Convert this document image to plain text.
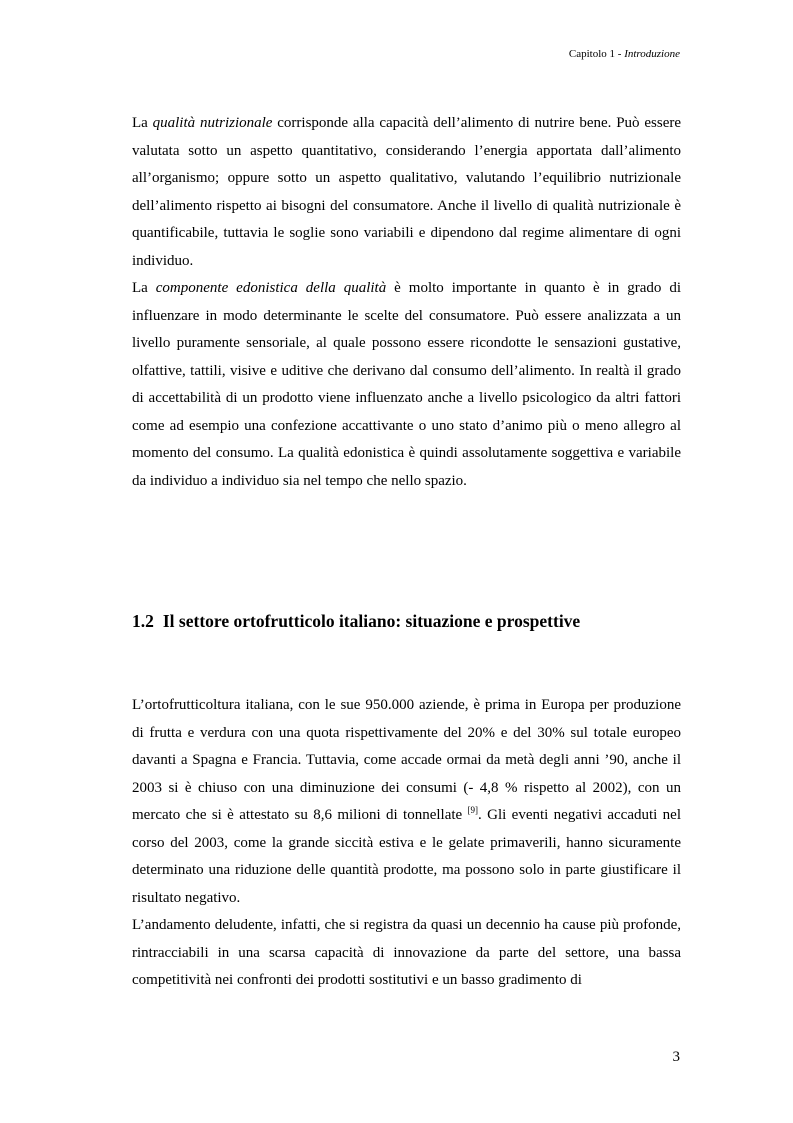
Capitolo 1 - Introduzione

La qualità nutrizionale corrisponde alla capacità dell’alimento di nutrire bene. Può essere valutata sotto un aspetto quantitativo, considerando l’energia apportata dall’alimento all’organismo; oppure sotto un aspetto qualitativo, valutando l’equilibrio nutrizionale dell’alimento rispetto ai bisogni del consumatore. Anche il livello di qualità nutrizionale è quantificabile, tuttavia le soglie sono variabili e dipendono dal regime alimentare di ogni individuo.

La componente edonistica della qualità è molto importante in quanto è in grado di influenzare in modo determinante le scelte del consumatore. Può essere analizzata a un livello puramente sensoriale, al quale possono essere ricondotte le sensazioni gustative, olfattive, tattili, visive e uditive che derivano dal consumo dell’alimento. In realtà il grado di accettabilità di un prodotto viene influenzato anche a livello psicologico da altri fattori come ad esempio una confezione accattivante o uno stato d’animo più o meno allegro al momento del consumo. La qualità edonistica è quindi assolutamente soggettiva e variabile da individuo a individuo sia nel tempo che nello spazio.

1.2 Il settore ortofrutticolo italiano: situazione e prospettive

L’ortofrutticoltura italiana, con le sue 950.000 aziende, è prima in Europa per produzione di frutta e verdura con una quota rispettivamente del 20% e del 30% sul totale europeo davanti a Spagna e Francia. Tuttavia, come accade ormai da metà degli anni ’90, anche il 2003 si è chiuso con una diminuzione dei consumi (- 4,8 % rispetto al 2002), con un mercato che si è attestato su 8,6 milioni di tonnellate [9]. Gli eventi negativi accaduti nel corso del 2003, come la grande siccità estiva e le gelate primaverili, hanno sicuramente determinato una riduzione delle quantità prodotte, ma possono solo in parte giustificare il risultato negativo.

L’andamento deludente, infatti, che si registra da quasi un decennio ha cause più profonde, rintracciabili in una scarsa capacità di innovazione da parte del settore, una bassa competitività nei confronti dei prodotti sostitutivi e un basso gradimento di

3
